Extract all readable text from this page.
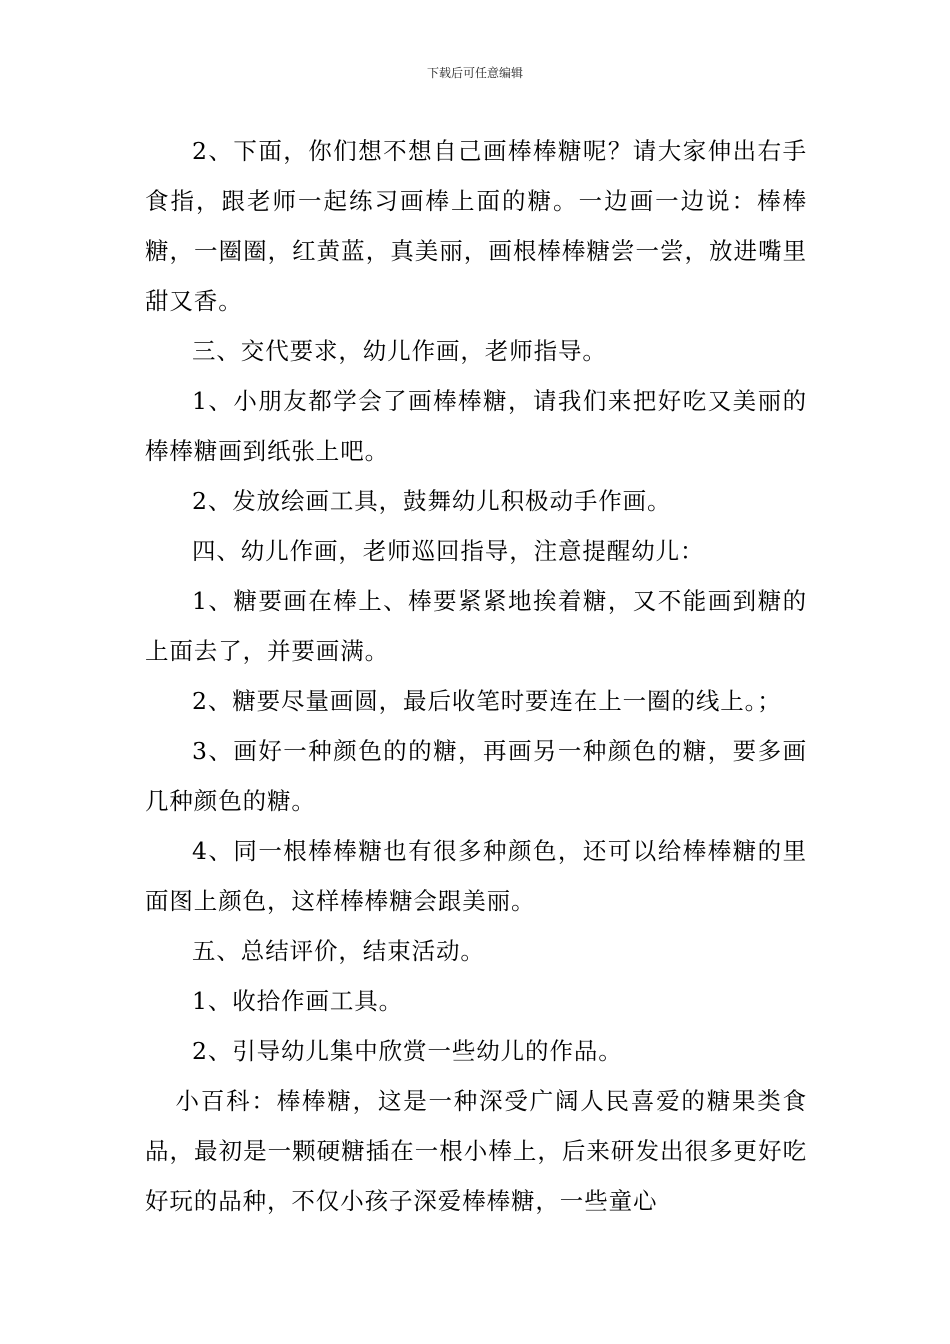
下载后可任意编辑

2、下面，你们想不想自己画棒棒糖呢？请大家伸出右手食指，跟老师一起练习画棒上面的糖。一边画一边说：棒棒糖，一圈圈，红黄蓝，真美丽，画根棒棒糖尝一尝，放进嘴里甜又香。

三、交代要求，幼儿作画，老师指导。

1、小朋友都学会了画棒棒糖，请我们来把好吃又美丽的棒棒糖画到纸张上吧。

2、发放绘画工具，鼓舞幼儿积极动手作画。

四、幼儿作画，老师巡回指导，注意提醒幼儿：

1、糖要画在棒上、棒要紧紧地挨着糖，又不能画到糖的上面去了，并要画满。

2、糖要尽量画圆，最后收笔时要连在上一圈的线上。；

3、画好一种颜色的的糖，再画另一种颜色的糖，要多画几种颜色的糖。

4、同一根棒棒糖也有很多种颜色，还可以给棒棒糖的里面图上颜色，这样棒棒糖会跟美丽。

五、总结评价，结束活动。

1、收拾作画工具。

2、引导幼儿集中欣赏一些幼儿的作品。

小百科：棒棒糖，这是一种深受广阔人民喜爱的糖果类食品，最初是一颗硬糖插在一根小棒上，后来研发出很多更好吃好玩的品种，不仅小孩子深爱棒棒糖，一些童心
